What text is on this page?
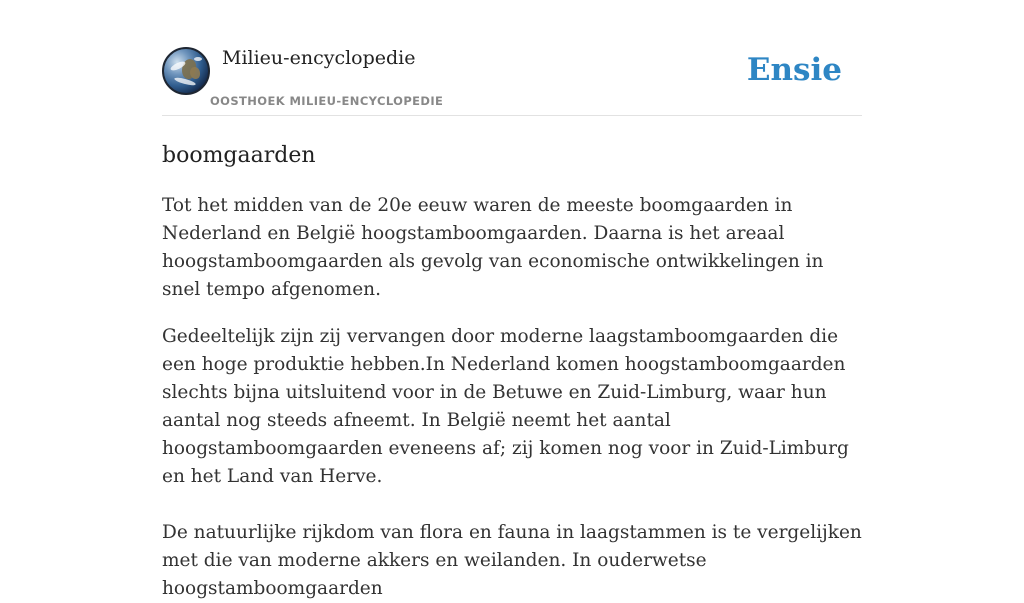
Milieu-encyclopedie

OOSTHOEK MILIEU-ENCYCLOPEDIE

Ensie
boomgaarden

Tot het midden van de 20e eeuw waren de meeste boomgaarden in Nederland en België hoogstamboomgaarden. Daarna is het areaal hoogstamboomgaarden als gevolg van economische ontwikkelingen in snel tempo afgenomen.

Gedeeltelijk zijn zij vervangen door moderne laagstamboomgaarden die een hoge produktie hebben.In Nederland komen hoogstamboomgaarden slechts bijna uitsluitend voor in de Betuwe en Zuid-Limburg, waar hun aantal nog steeds afneemt. In België neemt het aantal hoogstamboomgaarden eveneens af; zij komen nog voor in Zuid-Limburg en het Land van Herve.

De natuurlijke rijkdom van flora en fauna in laagstammen is te vergelijken met die van moderne akkers en weilanden. In ouderwetse hoogstamboomgaarden
